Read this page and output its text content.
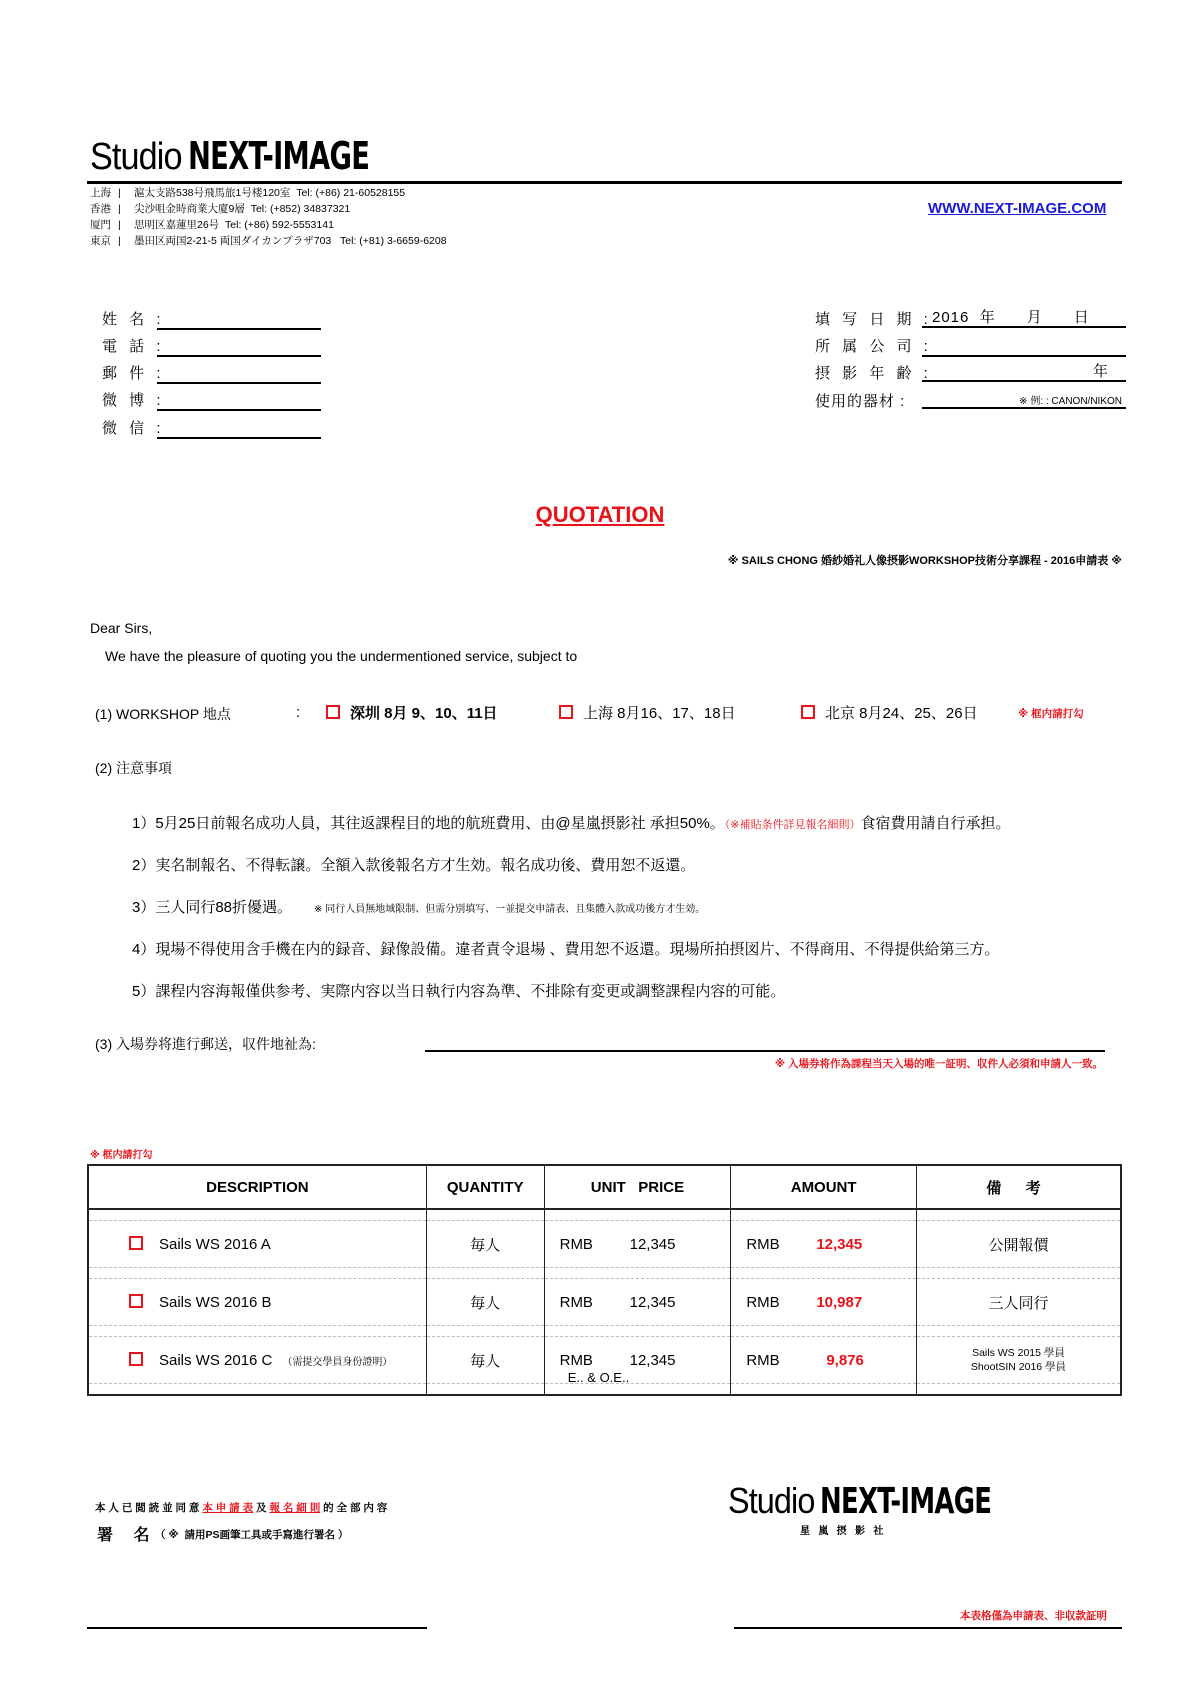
Studio NEXT-IMAGE
上海 | 滬太支路538号飛馬旅1号楼120室 Tel: (+86) 21-60528155
香港 | 尖沙咀金時商業大廈9層 Tel: (+852) 34837321
厦門 | 思明区嘉蓮里26号 Tel: (+86) 592-5553141
東京 | 墨田区両国2-21-5 両国ダイカンプラザ703 Tel: (+81) 3-6659-6208
WWW.NEXT-IMAGE.COM
姓 名 :
電 話 :
郵 件 :
微 博 :
微 信 :
填 写 日 期 : 2016  年      月      日
所 属 公 司 :
摂 影 年 齢 :	年
使用的器材 :	※ 例: : CANON/NIKON
QUOTATION
※ SAILS CHONG 婚紗婚礼人像摂影WORKSHOP技術分享課程 - 2016申請表 ※
Dear Sirs,
We have the pleasure of quoting you the undermentioned service, subject to
(1) WORKSHOP 地点	:	深圳 8月 9、10、11日	上海 8月16、17、18日	北京 8月24、25、26日	※ 框内請打勾
(2) 注意事項
1）5月25日前報名成功人員，其往返課程目的地的航班費用、由@星嵐摂影社 承担50%。（※補貼条件詳見報名細則）食宿費用請自行承担。
2）実名制報名、不得転譲。全額入款後報名方才生効。報名成功後、費用恕不返還。
3）三人同行88折優遇。 ※ 同行人員無地域限制、但需分別填写、一並提交申請表、且集體入款成功後方才生効。
4）現場不得使用含手機在内的録音、録像設備。違者責令退場 、費用恕不返還。現場所拍摂図片、不得商用、不得提供給第三方。
5）課程内容海報僅供参考、実際内容以当日執行内容為準、不排除有変更或調整課程内容的可能。
(3) 入場券将進行郵送，収件地祉為:
※ 入場券将作為課程当天入場的唯一証明、収件人必須和申請人一致。
※ 框内請打勾
DESCRIPTION	QUANTITY	UNIT   PRICE	AMOUNT	備 考

Sails WS 2016 A	毎人	RMB 12,345	RMB 12,345	公開報價

Sails WS 2016 B	毎人	RMB 12,345	RMB 10,987	三人同行

Sails WS 2016 C （需提交學員身份證明）	毎人	RMB 12,345	RMB 9,876	Sails WS 2015 學員
ShootSIN 2016 學員

E.. & O.E..
本 人 已 閲 読 並 同 意 本 申 請 表 及 報 名 細 則 的 全 部 内 容
署 名
（ ※  請用PS画筆工具或手寫進行署名 ）
Studio NEXT-IMAGE
星   嵐   摂   影   社
本表格僅為申請表、非収款証明
